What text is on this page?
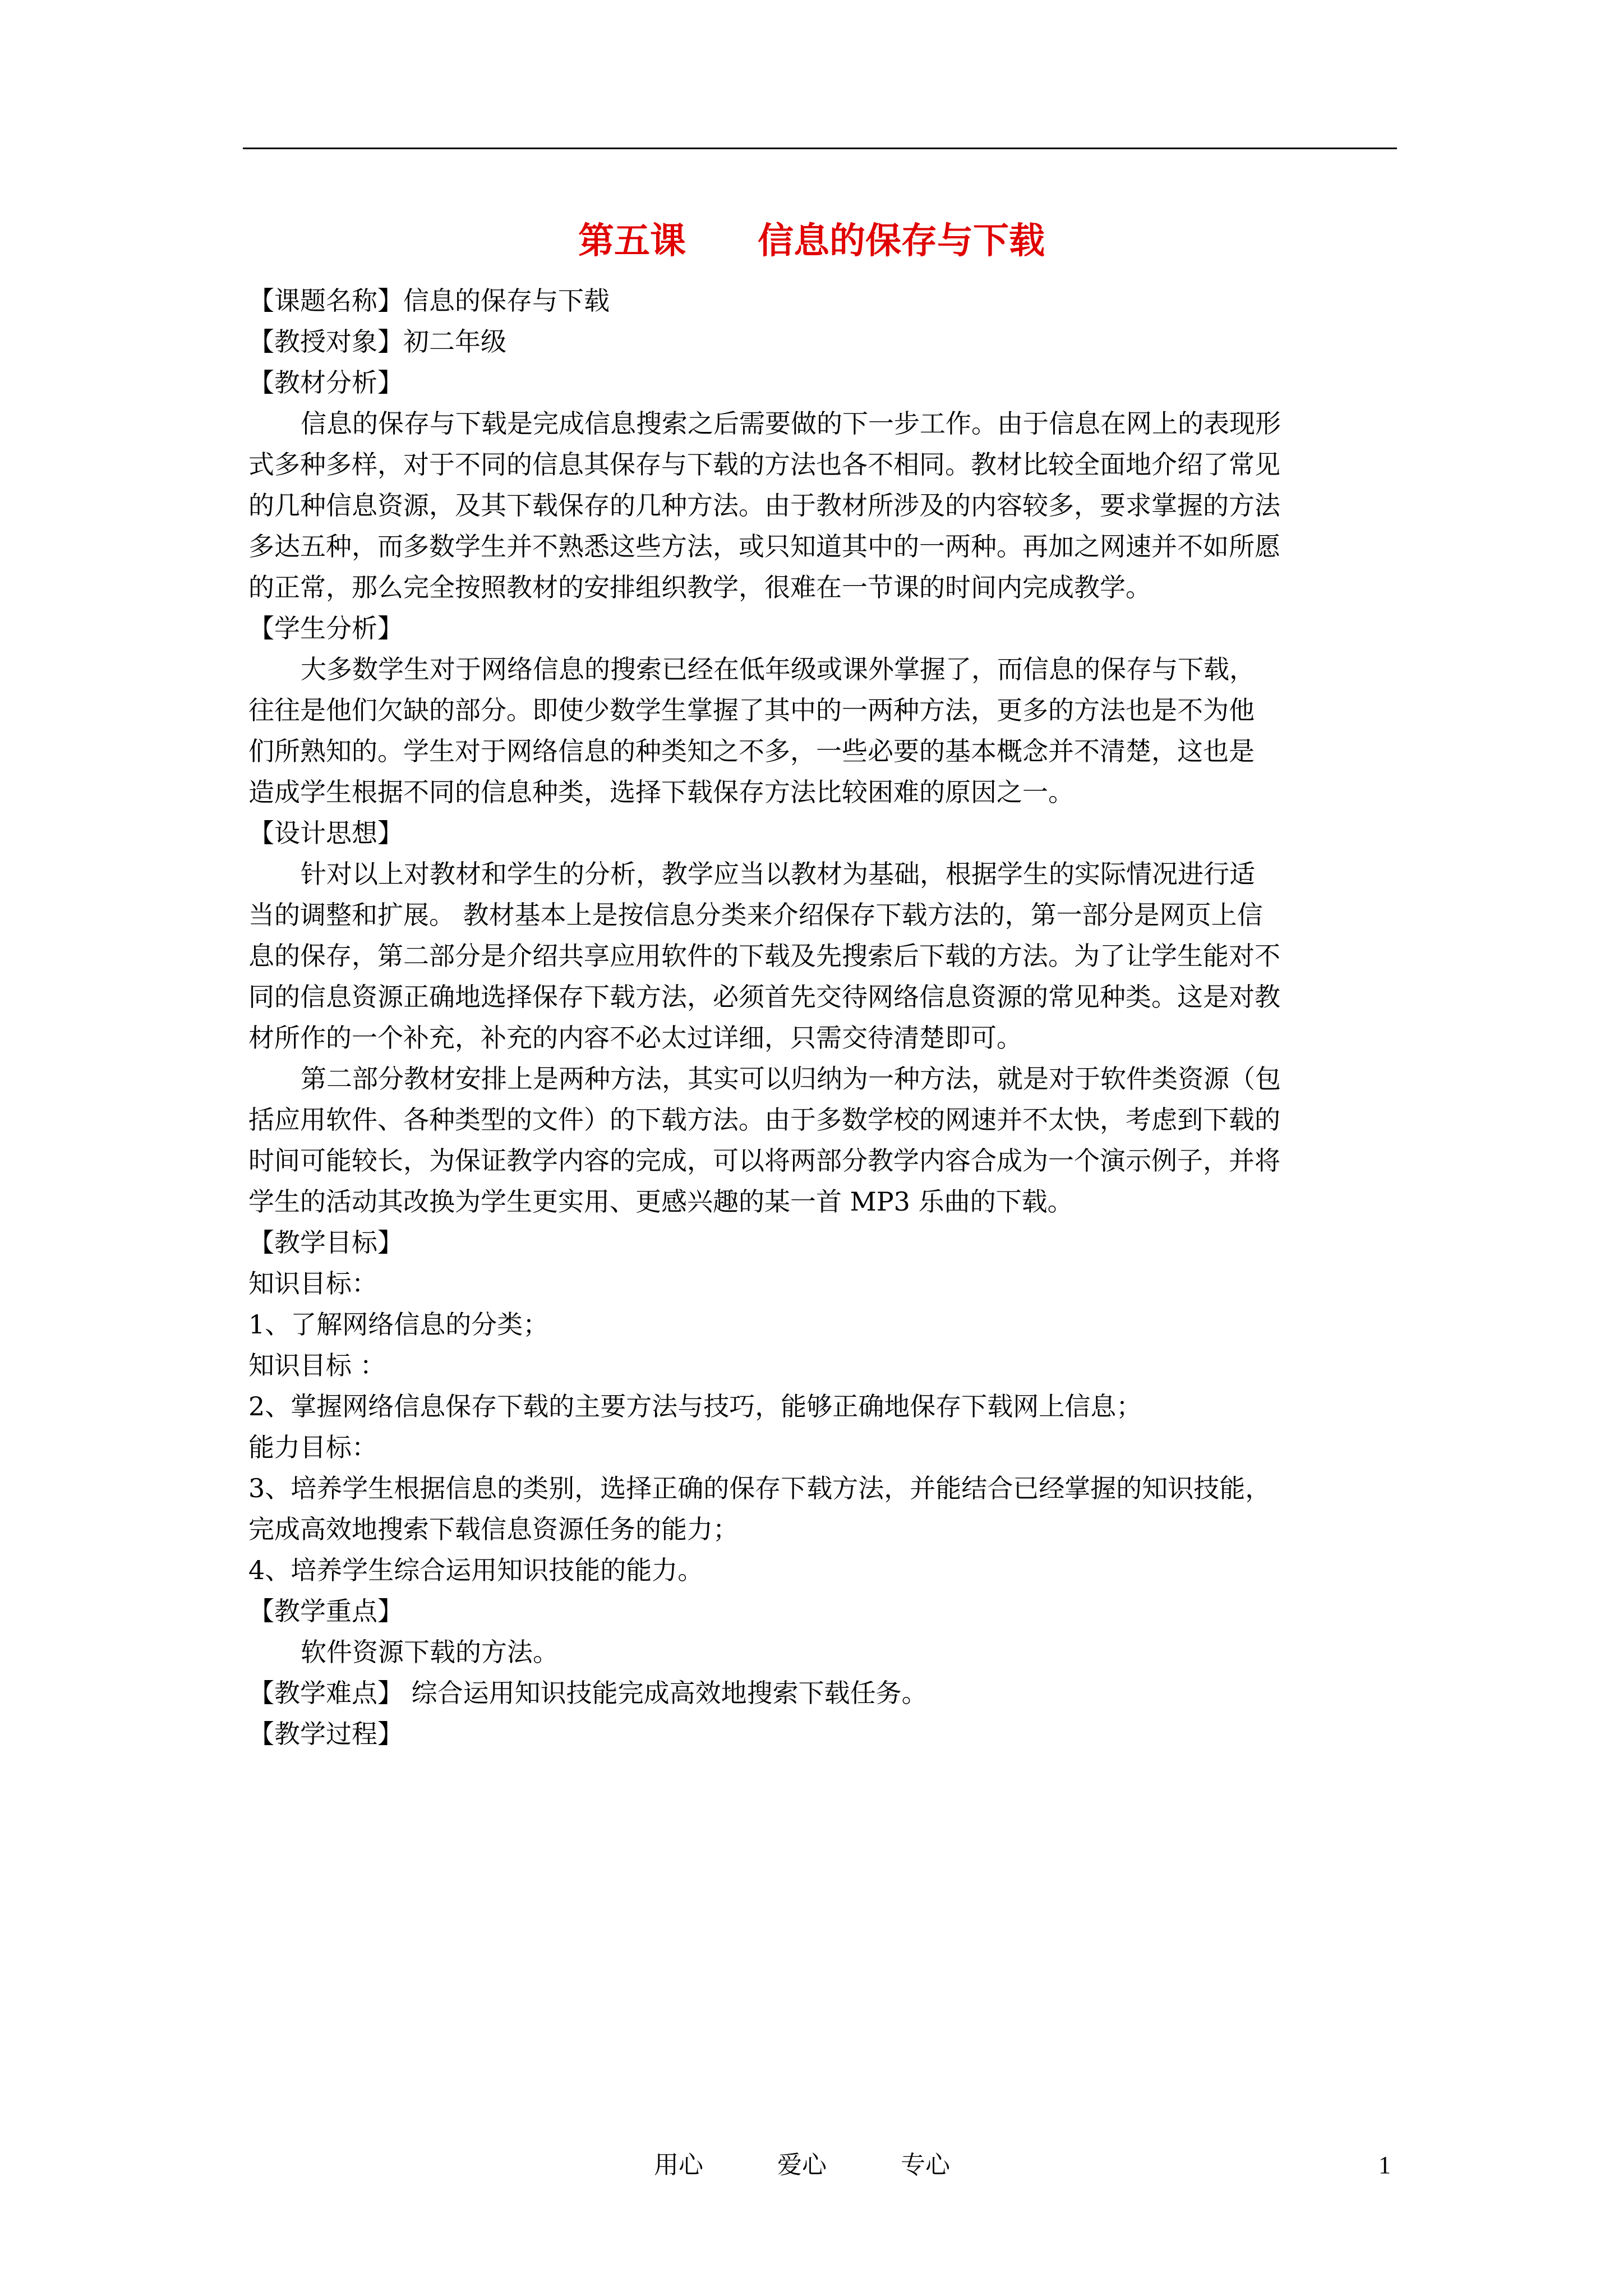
第五课　　信息的保存与下载
【课题名称】信息的保存与下载
【教授对象】初二年级
【教材分析】
信息的保存与下载是完成信息搜索之后需要做的下一步工作。由于信息在网上的表现形
式多种多样，对于不同的信息其保存与下载的方法也各不相同。教材比较全面地介绍了常见
的几种信息资源，及其下载保存的几种方法。由于教材所涉及的内容较多，要求掌握的方法
多达五种，而多数学生并不熟悉这些方法，或只知道其中的一两种。再加之网速并不如所愿
的正常，那么完全按照教材的安排组织教学，很难在一节课的时间内完成教学。
【学生分析】
大多数学生对于网络信息的搜索已经在低年级或课外掌握了，而信息的保存与下载，
往往是他们欠缺的部分。即使少数学生掌握了其中的一两种方法，更多的方法也是不为他
们所熟知的。学生对于网络信息的种类知之不多，一些必要的基本概念并不清楚，这也是
造成学生根据不同的信息种类，选择下载保存方法比较困难的原因之一。
【设计思想】
针对以上对教材和学生的分析，教学应当以教材为基础，根据学生的实际情况进行适
当的调整和扩展。 教材基本上是按信息分类来介绍保存下载方法的，第一部分是网页上信
息的保存，第二部分是介绍共享应用软件的下载及先搜索后下载的方法。为了让学生能对不
同的信息资源正确地选择保存下载方法，必须首先交待网络信息资源的常见种类。这是对教
材所作的一个补充，补充的内容不必太过详细，只需交待清楚即可。
第二部分教材安排上是两种方法，其实可以归纳为一种方法，就是对于软件类资源（包
括应用软件、各种类型的文件）的下载方法。由于多数学校的网速并不太快，考虑到下载的
时间可能较长，为保证教学内容的完成，可以将两部分教学内容合成为一个演示例子，并将
学生的活动其改换为学生更实用、更感兴趣的某一首 MP3 乐曲的下载。
【教学目标】
知识目标：
1、了解网络信息的分类；
知识目标 ：
2、掌握网络信息保存下载的主要方法与技巧，能够正确地保存下载网上信息；
能力目标：
3、培养学生根据信息的类别，选择正确的保存下载方法，并能结合已经掌握的知识技能，
完成高效地搜索下载信息资源任务的能力；
4、培养学生综合运用知识技能的能力。
【教学重点】
软件资源下载的方法。
【教学难点】 综合运用知识技能完成高效地搜索下载任务。
【教学过程】
用心　　　爱心　　　专心	1
